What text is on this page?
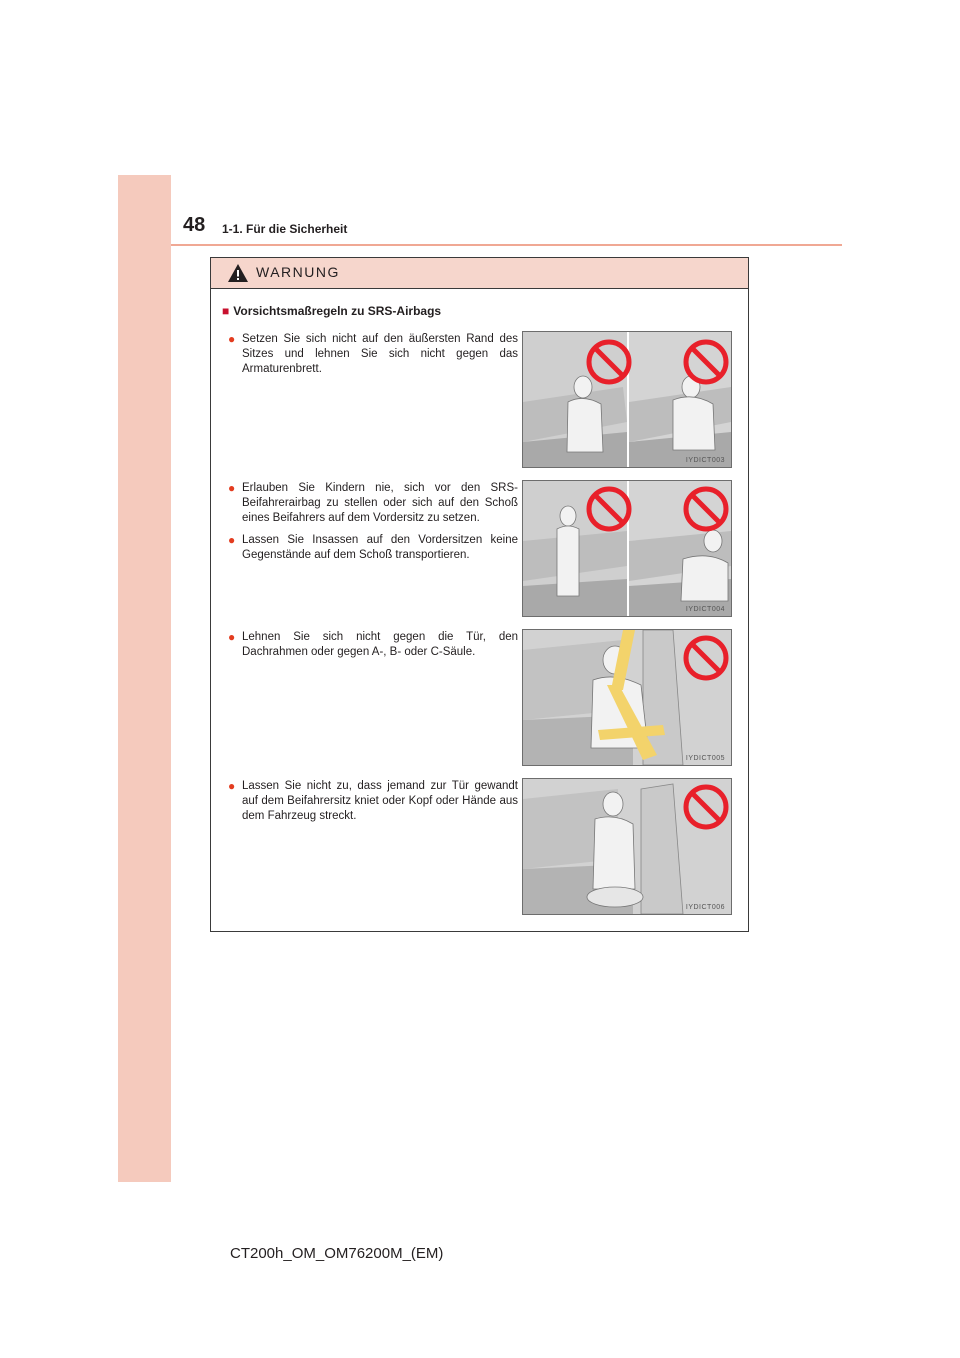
48 1-1. Für die Sicherheit
WARNUNG
■ Vorsichtsmaßregeln zu SRS-Airbags
● Setzen Sie sich nicht auf den äußersten Rand des Sitzes und lehnen Sie sich nicht gegen das Armaturenbrett.
● Erlauben Sie Kindern nie, sich vor den SRS-Beifahrerairbag zu stellen oder sich auf den Schoß eines Beifahrers auf dem Vordersitz zu setzen.
● Lassen Sie Insassen auf den Vordersitzen keine Gegenstände auf dem Schoß transportieren.
● Lehnen Sie sich nicht gegen die Tür, den Dachrahmen oder gegen A-, B- oder C-Säule.
● Lassen Sie nicht zu, dass jemand zur Tür gewandt auf dem Beifahrersitz kniet oder Kopf oder Hände aus dem Fahrzeug streckt.
IYDICT003
IYDICT004
IYDICT005
IYDICT006
CT200h_OM_OM76200M_(EM)
